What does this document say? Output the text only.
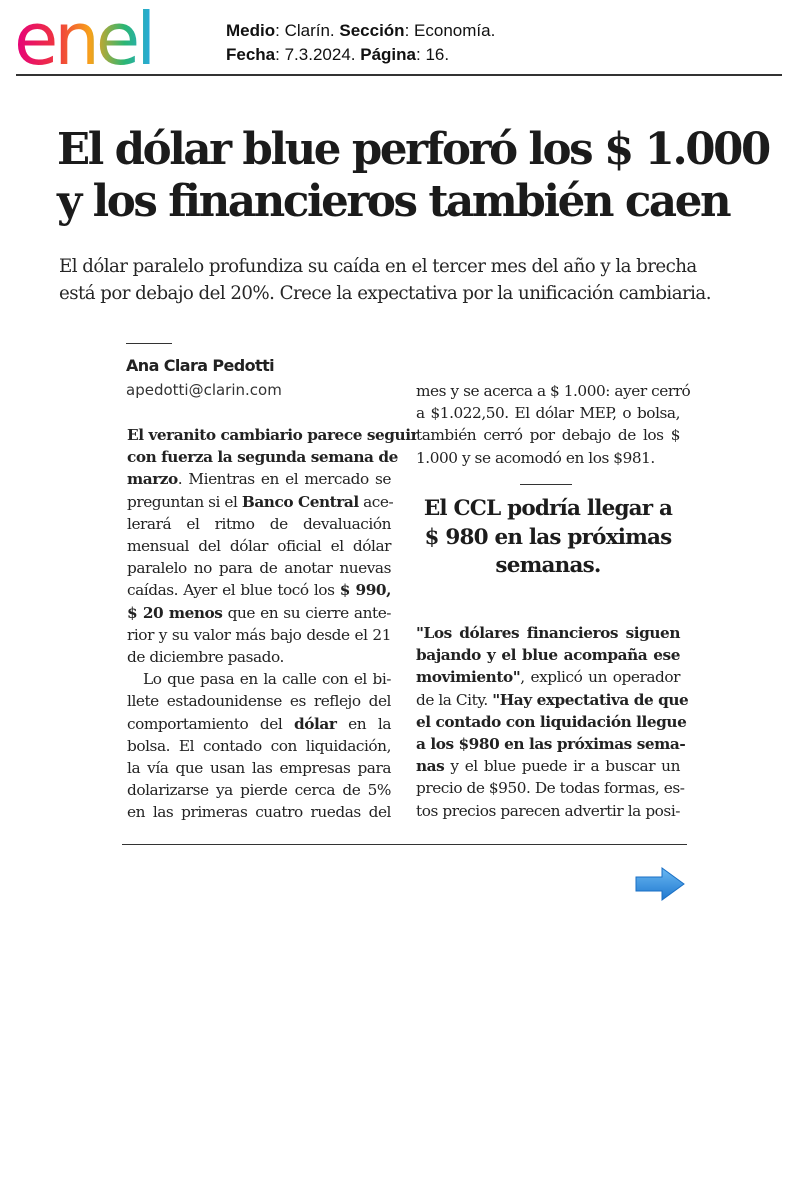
enel	Medio: Clarín. Sección: Economía.
Fecha: 7.3.2024. Página: 16.
El dólar blue perforó los $ 1.000
y los financieros también caen

El dólar paralelo profundiza su caída en el tercer mes del año y la brecha
está por debajo del 20%. Crece la expectativa por la unificación cambiaria.

Ana Clara Pedotti
apedotti@clarin.com
El veranito cambiario parece seguir
con fuerza la segunda semana de
marzo. Mientras en el mercado se
preguntan si el Banco Central ace-
lerará el ritmo de devaluación
mensual del dólar oficial el dólar
paralelo no para de anotar nuevas
caídas. Ayer el blue tocó los $ 990,
$ 20 menos que en su cierre ante-
rior y su valor más bajo desde el 21
de diciembre pasado.
Lo que pasa en la calle con el bi-
llete estadounidense es reflejo del
comportamiento del dólar en la
bolsa. El contado con liquidación,
la vía que usan las empresas para
dolarizarse ya pierde cerca de 5%
en las primeras cuatro ruedas del
mes y se acerca a $ 1.000: ayer cerró
a $1.022,50. El dólar MEP, o bolsa,
también cerró por debajo de los $
1.000 y se acomodó en los $981.
El CCL podría llegar a
$ 980 en las próximas
semanas.
"Los dólares financieros siguen
bajando y el blue acompaña ese
movimiento", explicó un operador
de la City. "Hay expectativa de que
el contado con liquidación llegue
a los $980 en las próximas sema-
nas y el blue puede ir a buscar un
precio de $950. De todas formas, es-
tos precios parecen advertir la posi-
